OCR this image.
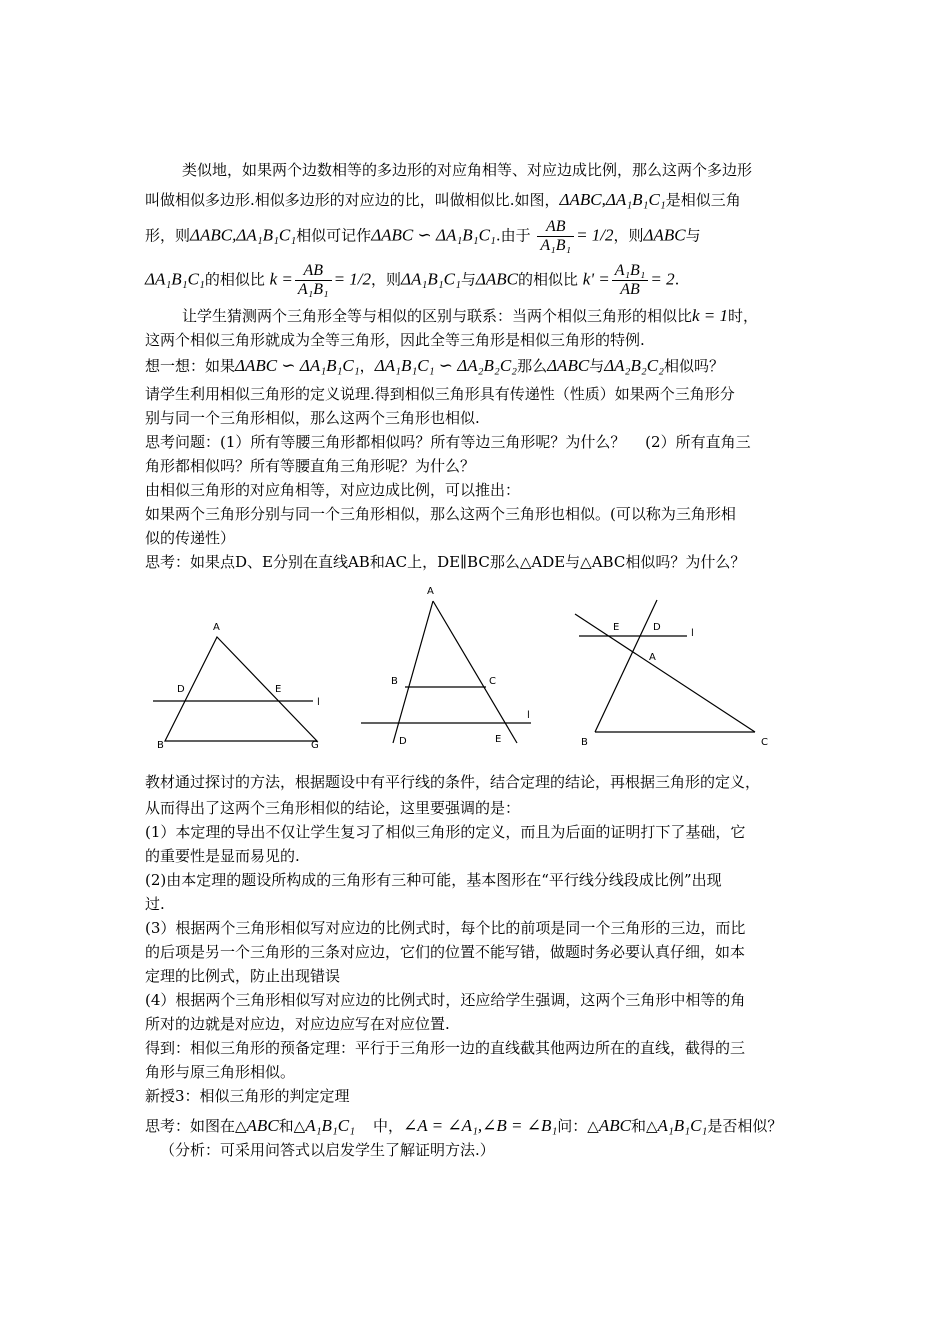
类似地，如果两个边数相等的多边形的对应角相等、对应边成比例，那么这两个多边形
叫做相似多边形.相似多边形的对应边的比，叫做相似比.如图，ΔABC,ΔA₁B₁C₁是相似三角
形，则ΔABC,ΔA₁B₁C₁相似可记作ΔABC ∽ ΔA₁B₁C₁.由于 $\frac{AB}{\text{A₁B₁}} = 1/2$，则ΔABC与
ΔA₁B₁C₁的相似比 $k = \frac{AB}{\text{A₁B₁}} = 1/2$，则ΔA₁B₁C₁与ΔABC的相似比 $k' = \frac{\text{A₁B₁}}{AB} = 2$.
让学生猜测两个三角形全等与相似的区别与联系：当两个相似三角形的相似比k = 1时，
这两个相似三角形就成为全等三角形，因此全等三角形是相似三角形的特例.
想一想：如果ΔABC ∽ ΔA₁B₁C₁，ΔA₁B₁C₁ ∽ ΔA₂B₂C₂那么ΔABC与ΔA₂B₂C₂相似吗？
请学生利用相似三角形的定义说理.得到相似三角形具有传递性（性质）如果两个三角形分
别与同一个三角形相似，那么这两个三角形也相似.
思考问题：(1）所有等腰三角形都相似吗？所有等边三角形呢？为什么？　 (2）所有直角三
角形都相似吗？所有等腰直角三角形呢？为什么？
由相似三角形的对应角相等，对应边成比例，可以推出：
如果两个三角形分别与同一个三角形相似，那么这两个三角形也相似。(可以称为三角形相
似的传递性）
思考：如果点D、E分别在直线AB和AC上，DE∥BC那么△ADE与△ABC相似吗？为什么？
A
D	E
B	G
l
A
B	C
D	E
l
E	D
A
B	C
l
教材通过探讨的方法，根据题设中有平行线的条件，结合定理的结论，再根据三角形的定义，
从而得出了这两个三角形相似的结论，这里要强调的是：
(1）本定理的导出不仅让学生复习了相似三角形的定义，而且为后面的证明打下了基础，它
的重要性是显而易见的.
(2)由本定理的题设所构成的三角形有三种可能，基本图形在“平行线分线段成比例”出现
过.
(3）根据两个三角形相似写对应边的比例式时，每个比的前项是同一个三角形的三边，而比
的后项是另一个三角形的三条对应边，它们的位置不能写错，做题时务必要认真仔细，如本
定理的比例式，防止出现错误
(4）根据两个三角形相似写对应边的比例式时，还应给学生强调，这两个三角形中相等的角
所对的边就是对应边，对应边应写在对应位置.
得到：相似三角形的预备定理：平行于三角形一边的直线截其他两边所在的直线，截得的三
角形与原三角形相似。
新授3：相似三角形的判定定理
思考：如图在△ABC和△A₁B₁C₁ 中，∠A = ∠A₁,∠B = ∠B₁问：△ABC和△A₁B₁C₁是否相似？
（分析：可采用问答式以启发学生了解证明方法.）
